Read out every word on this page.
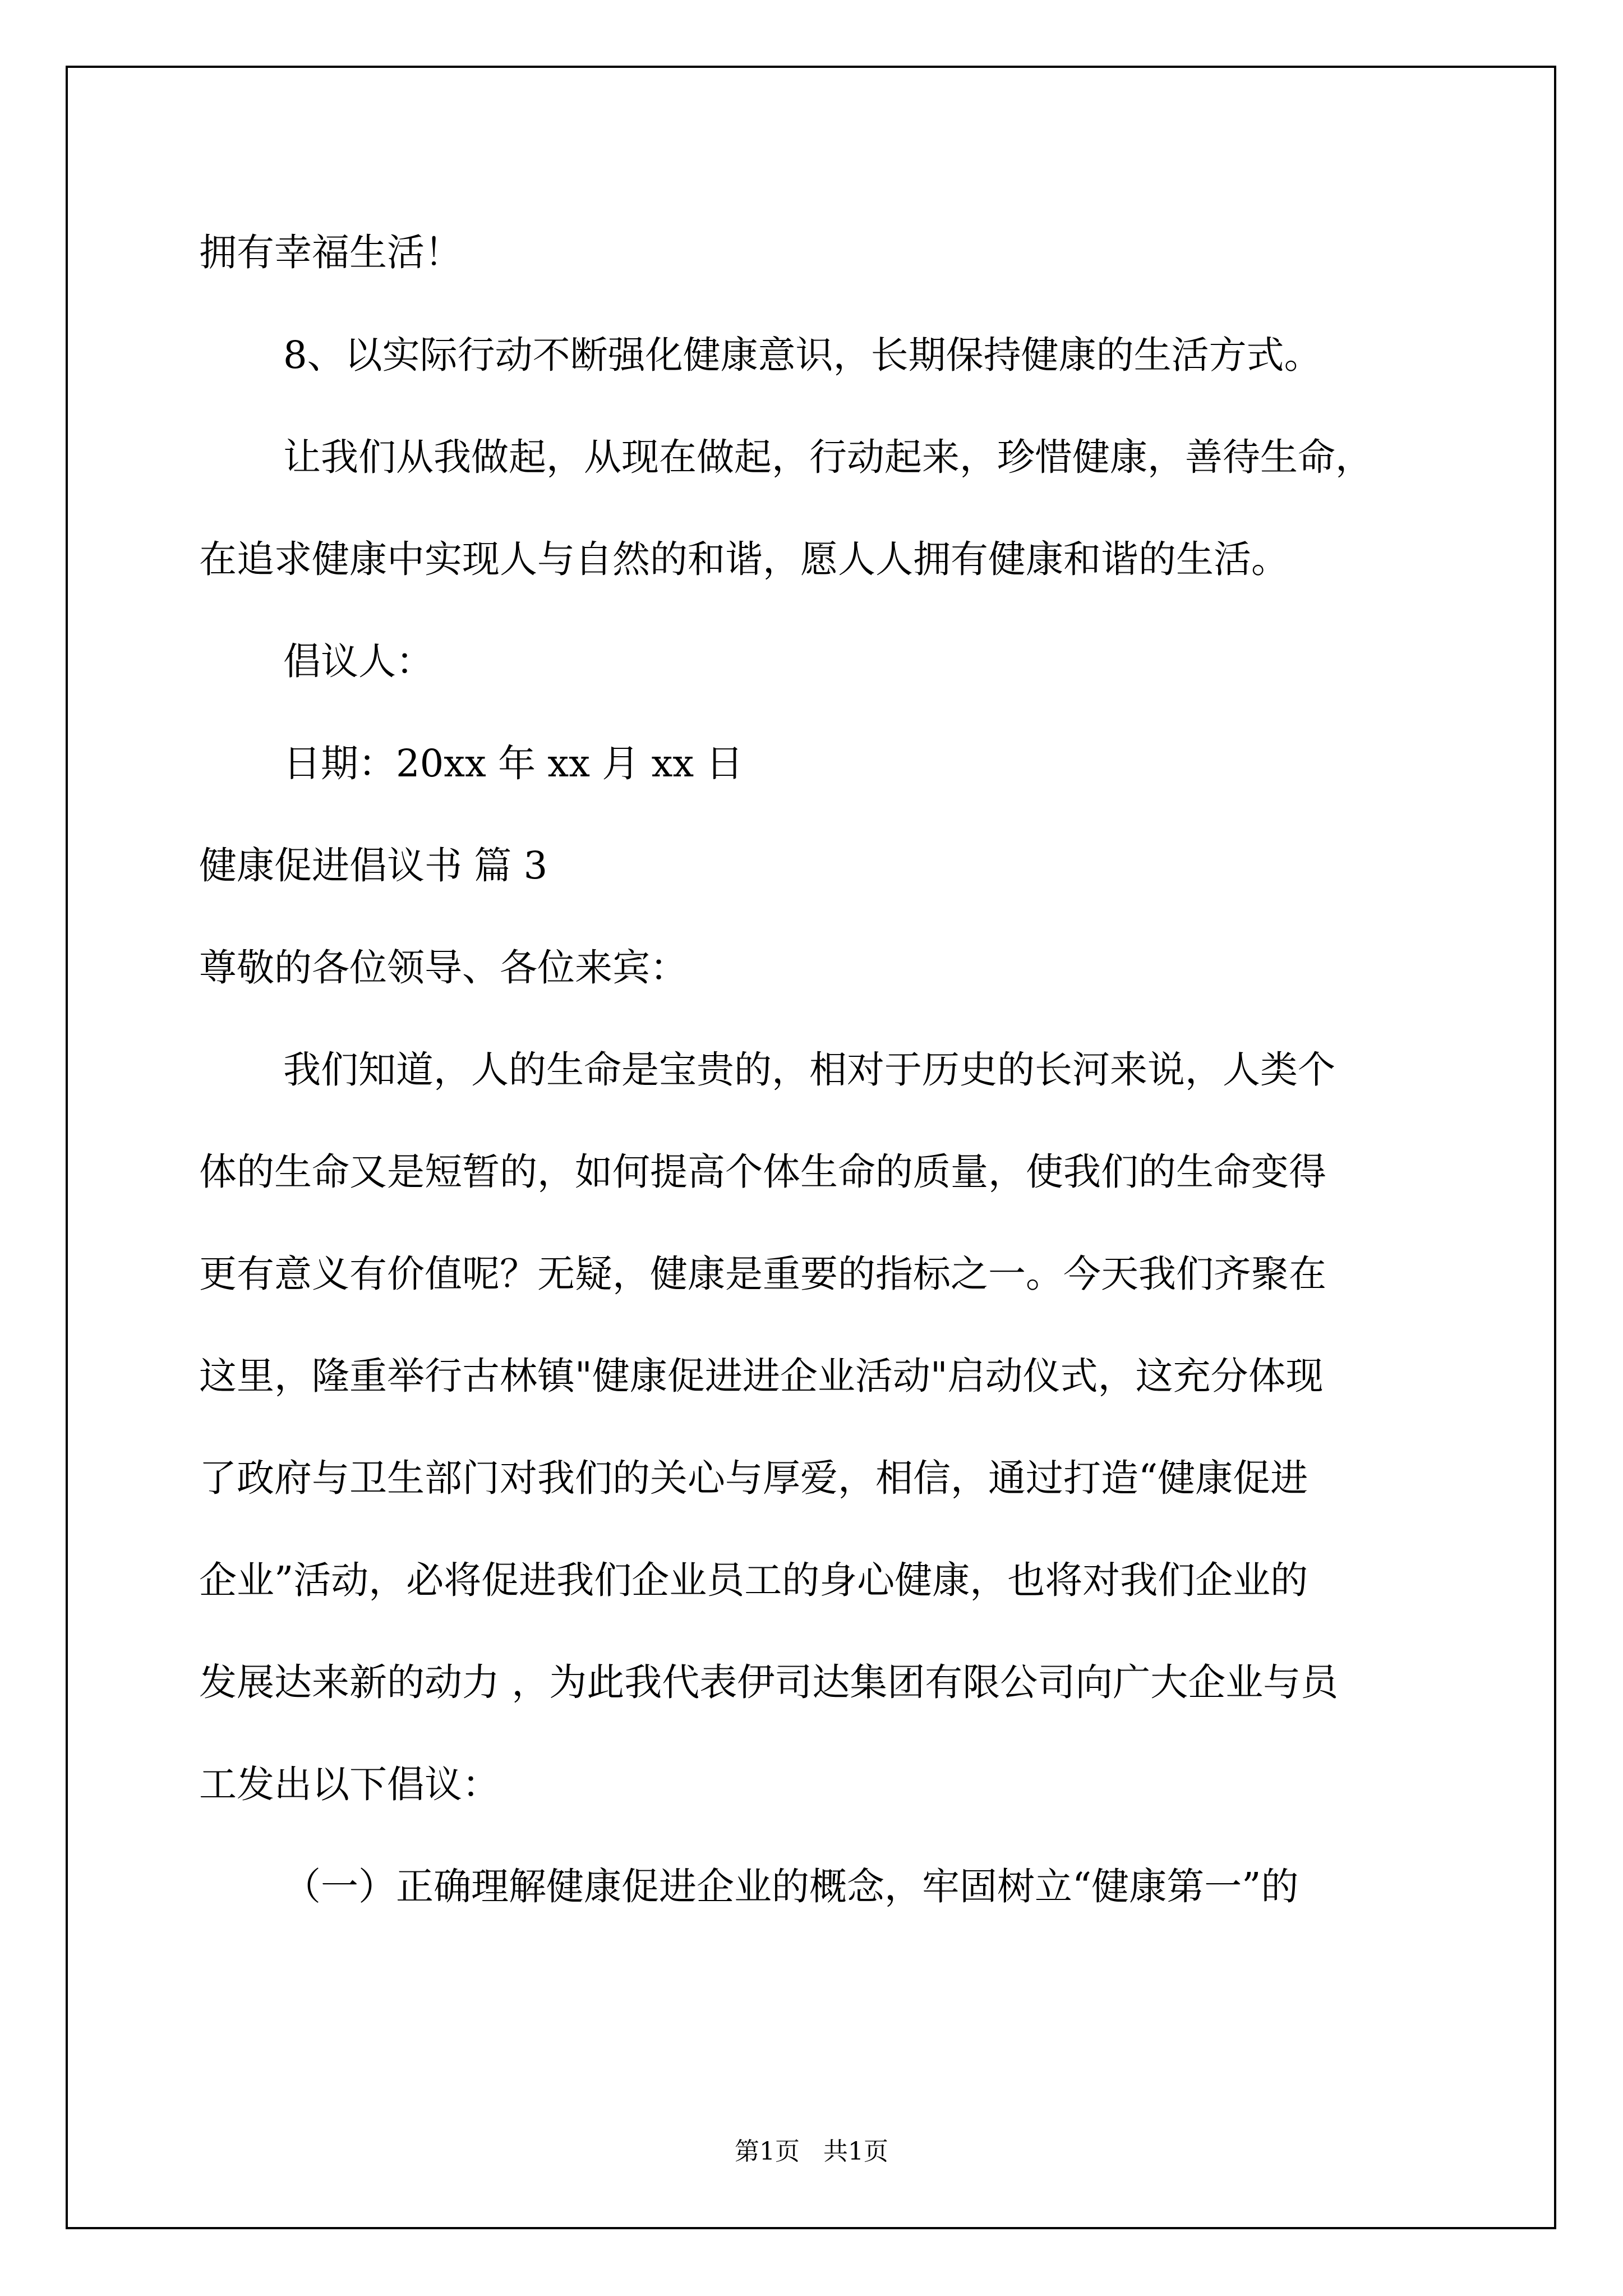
拥有幸福生活！
8、以实际行动不断强化健康意识，长期保持健康的生活方式。
让我们从我做起，从现在做起，行动起来，珍惜健康，善待生命，
在追求健康中实现人与自然的和谐，愿人人拥有健康和谐的生活。
倡议人：
日期：20xx 年 xx 月 xx 日
健康促进倡议书 篇 3
尊敬的各位领导、各位来宾：
我们知道，人的生命是宝贵的，相对于历史的长河来说，人类个
体的生命又是短暂的，如何提高个体生命的质量，使我们的生命变得
更有意义有价值呢？无疑，健康是重要的指标之一。今天我们齐聚在
这里，隆重举行古林镇"健康促进进企业活动"启动仪式，这充分体现
了政府与卫生部门对我们的关心与厚爱，相信，通过打造“健康促进
企业”活动，必将促进我们企业员工的身心健康，也将对我们企业的
发展达来新的动力 ，为此我代表伊司达集团有限公司向广大企业与员
工发出以下倡议：
（一）正确理解健康促进企业的概念，牢固树立“健康第一”的
第1页   共1页
